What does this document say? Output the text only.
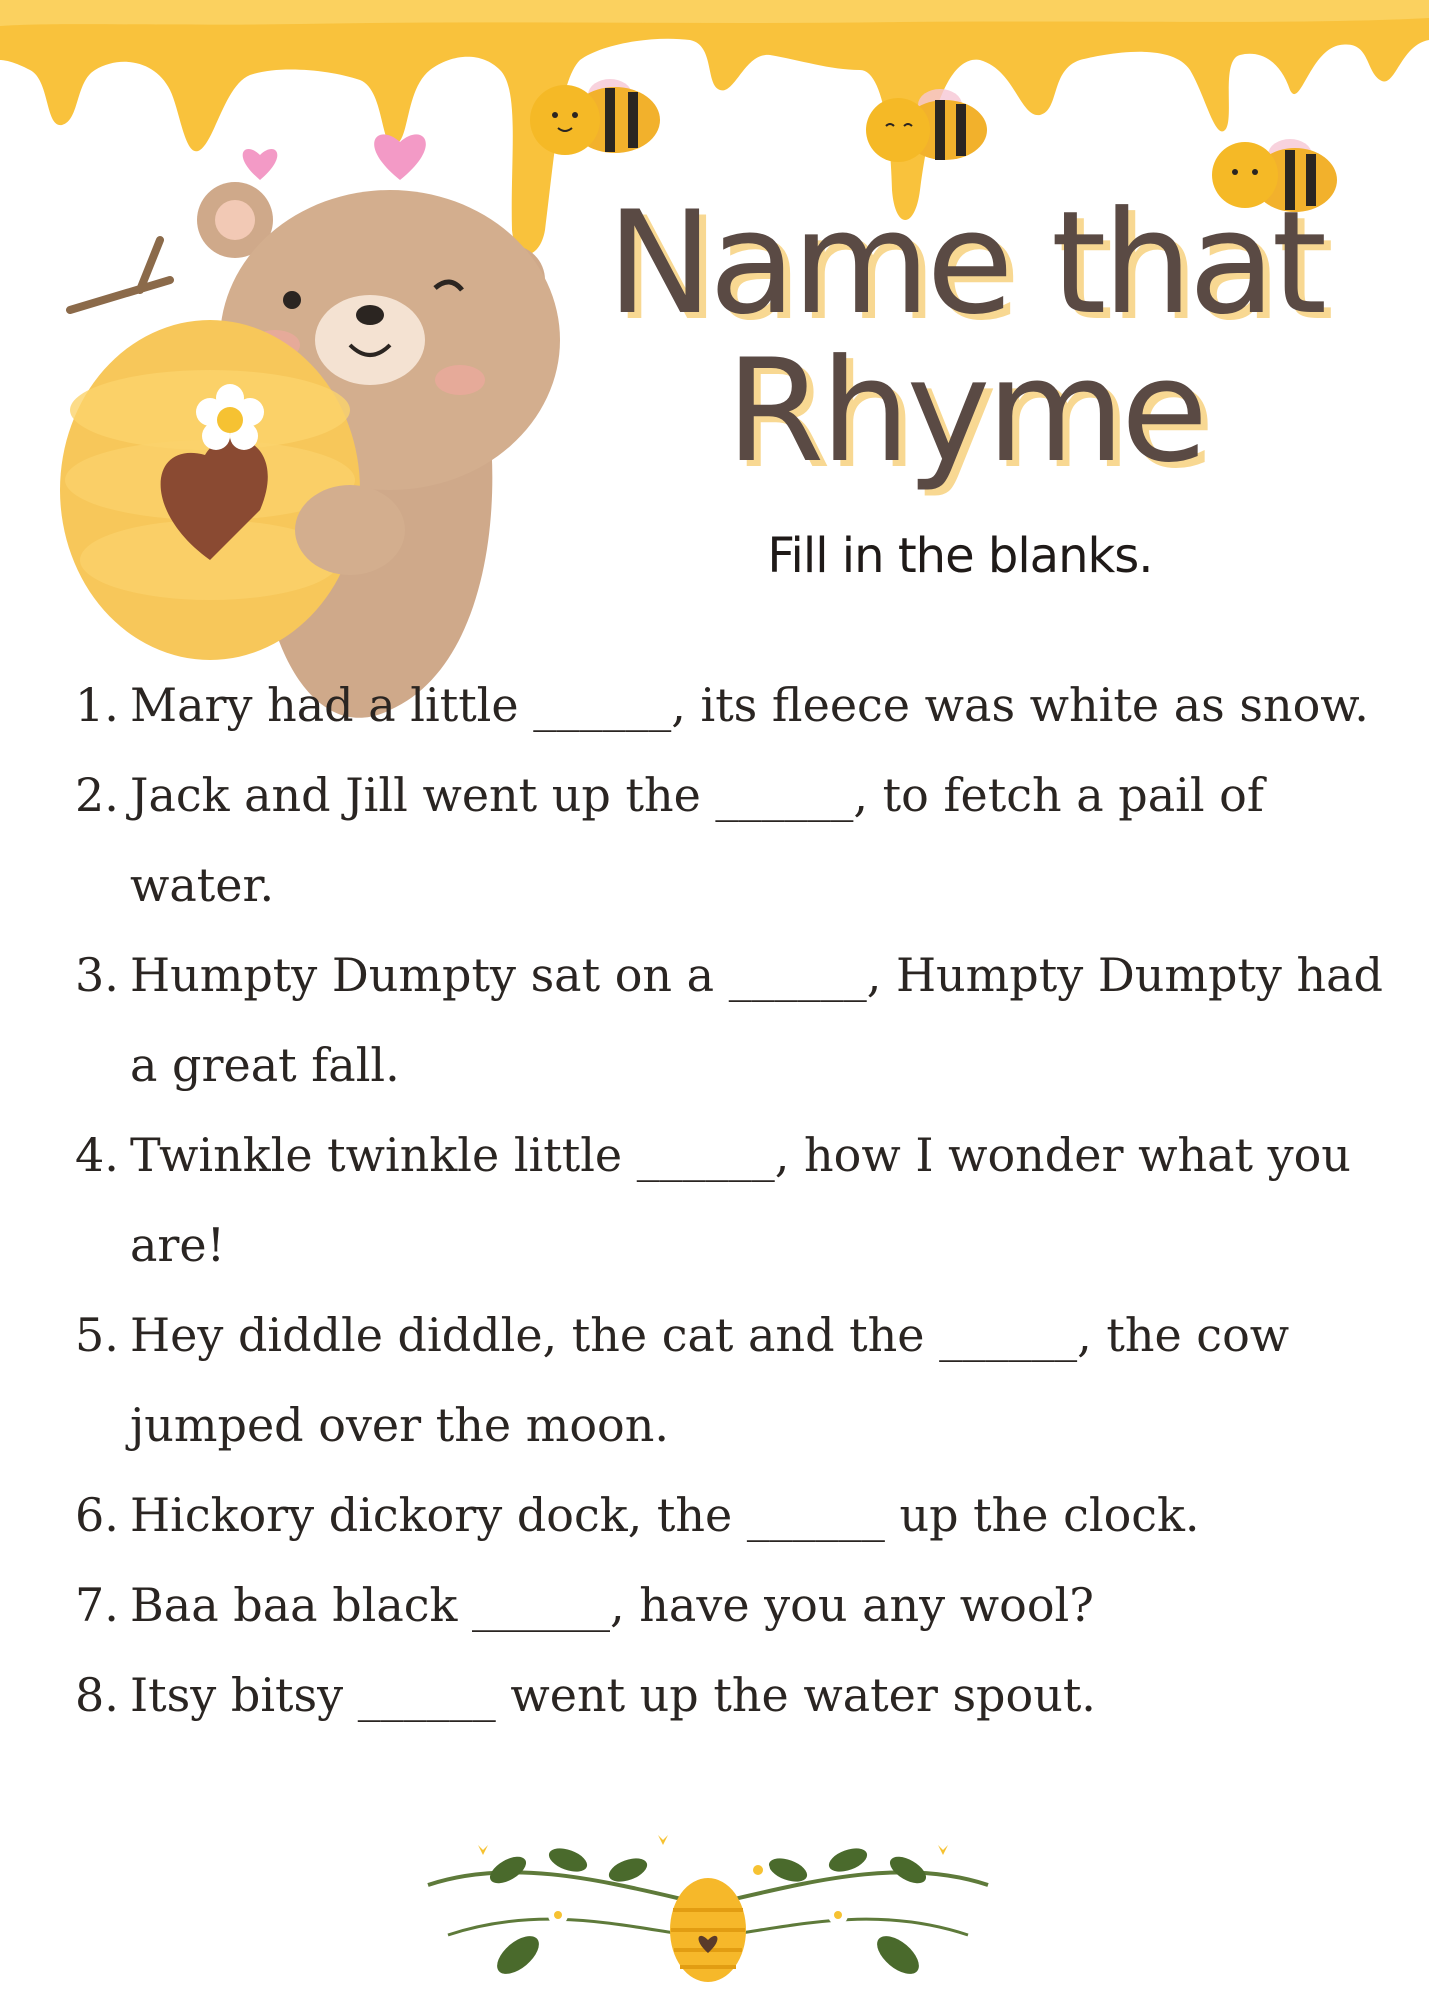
Name that
Rhyme

Fill in the blanks.

1. Mary had a little ______, its fleece was white as snow.
2. Jack and Jill went up the ______, to fetch a pail of water.
3. Humpty Dumpty sat on a ______, Humpty Dumpty had a great fall.
4. Twinkle twinkle little ______, how I wonder what you are!
5. Hey diddle diddle, the cat and the ______, the cow jumped over the moon.
6. Hickory dickory dock, the ______ up the clock.
7. Baa baa black ______, have you any wool?
8. Itsy bitsy ______ went up the water spout.
